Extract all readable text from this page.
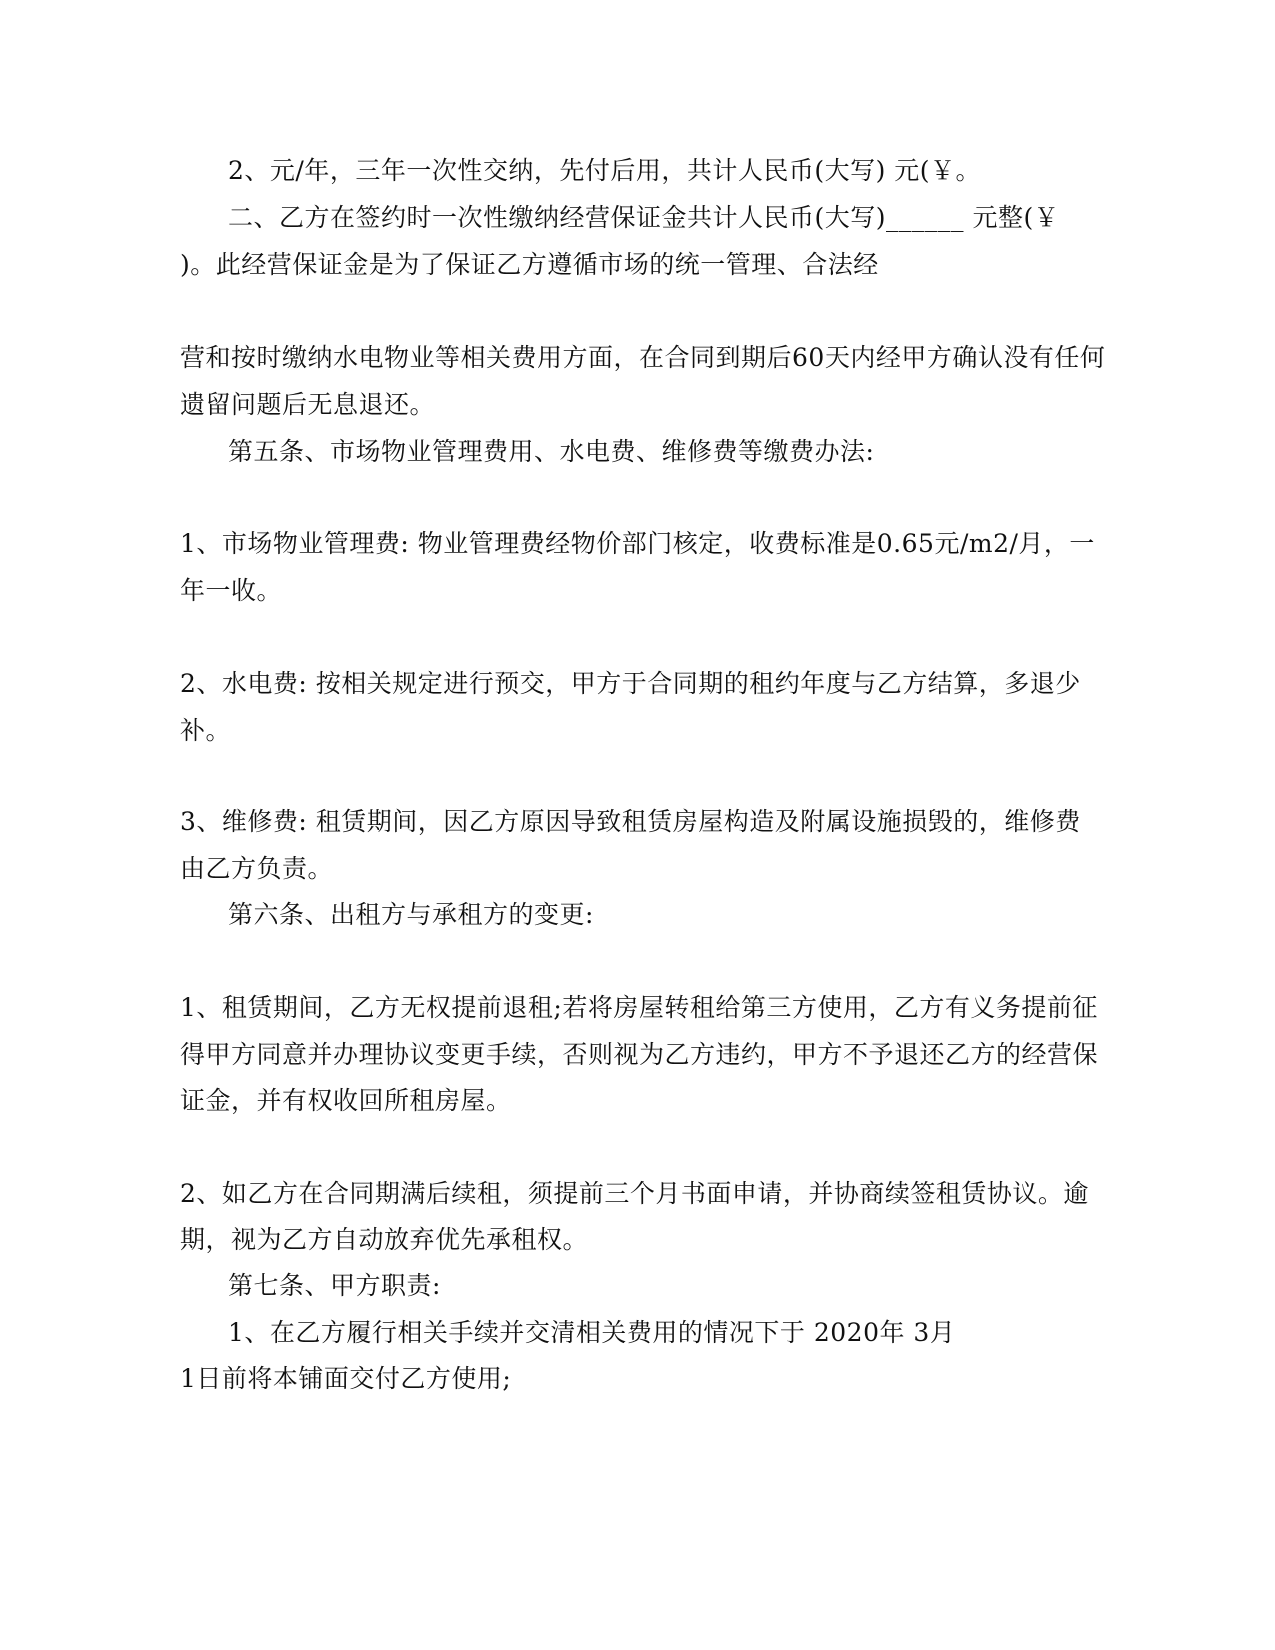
2、元/年，三年一次性交纳，先付后用，共计人民币(大写) 元(￥。
二、乙方在签约时一次性缴纳经营保证金共计人民币(大写)______ 元整(￥
)。此经营保证金是为了保证乙方遵循市场的统一管理、合法经
营和按时缴纳水电物业等相关费用方面，在合同到期后60天内经甲方确认没有任何
遗留问题后无息退还。
第五条、市场物业管理费用、水电费、维修费等缴费办法:
1、市场物业管理费: 物业管理费经物价部门核定，收费标准是0.65元/m2/月，一
年一收。
2、水电费: 按相关规定进行预交，甲方于合同期的租约年度与乙方结算，多退少
补。
3、维修费: 租赁期间，因乙方原因导致租赁房屋构造及附属设施损毁的，维修费
由乙方负责。
第六条、出租方与承租方的变更:
1、租赁期间，乙方无权提前退租;若将房屋转租给第三方使用，乙方有义务提前征
得甲方同意并办理协议变更手续，否则视为乙方违约，甲方不予退还乙方的经营保
证金，并有权收回所租房屋。
2、如乙方在合同期满后续租，须提前三个月书面申请，并协商续签租赁协议。逾
期，视为乙方自动放弃优先承租权。
第七条、甲方职责:
1、在乙方履行相关手续并交清相关费用的情况下于 2020年 3月
1日前将本铺面交付乙方使用;
